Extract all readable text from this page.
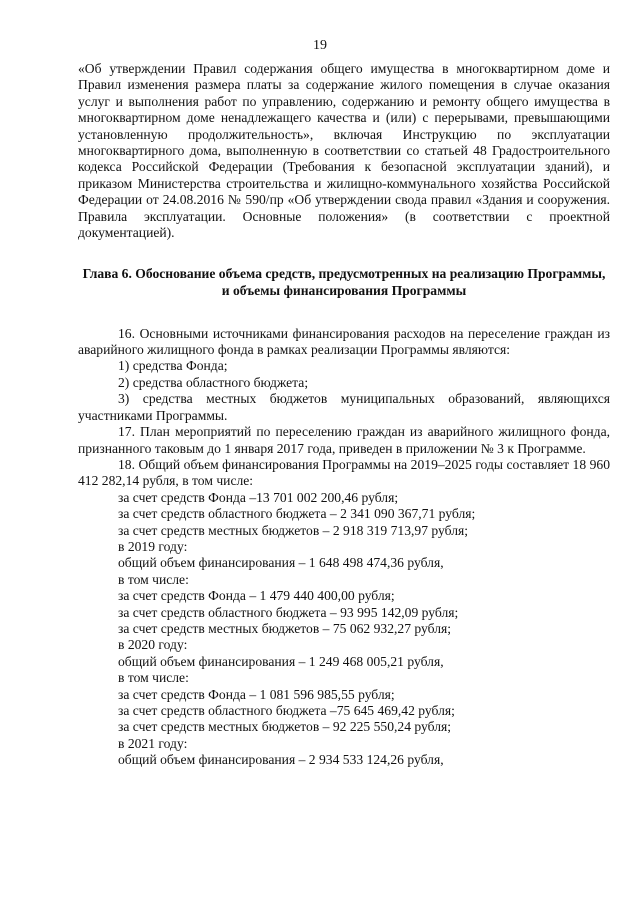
19

«Об утверждении Правил содержания общего имущества в многоквартирном доме и Правил изменения размера платы за содержание жилого помещения в случае оказания услуг и выполнения работ по управлению, содержанию и ремонту общего имущества в многоквартирном доме ненадлежащего качества и (или) с перерывами, превышающими установленную продолжительность», включая Инструкцию по эксплуатации многоквартирного дома, выполненную в соответствии со статьей 48 Градостроительного кодекса Российской Федерации (Требования к безопасной эксплуатации зданий), и приказом Министерства строительства и жилищно-коммунального хозяйства Российской Федерации от 24.08.2016 № 590/пр «Об утверждении свода правил «Здания и сооружения. Правила эксплуатации. Основные положения» (в соответствии с проектной документацией).

Глава 6. Обоснование объема средств, предусмотренных на реализацию Программы, и объемы финансирования Программы

16. Основными источниками финансирования расходов на переселение граждан из аварийного жилищного фонда в рамках реализации Программы являются:

1) средства Фонда;

2) средства областного бюджета;

3) средства местных бюджетов муниципальных образований, являющихся участниками Программы.

17. План мероприятий по переселению граждан из аварийного жилищного фонда, признанного таковым до 1 января 2017 года, приведен в приложении № 3 к Программе.

18. Общий объем финансирования Программы на 2019–2025 годы составляет 18 960 412 282,14 рубля, в том числе:

за счет средств Фонда –13 701 002 200,46 рубля;

за счет средств областного бюджета – 2 341 090 367,71 рубля;

за счет средств местных бюджетов – 2 918 319 713,97 рубля;

в 2019 году:

общий объем финансирования – 1 648 498 474,36 рубля,

в том числе:

за счет средств Фонда – 1 479 440 400,00 рубля;

за счет средств областного бюджета – 93 995 142,09 рубля;

за счет средств местных бюджетов – 75 062 932,27 рубля;

в 2020 году:

общий объем финансирования – 1 249 468 005,21 рубля,

в том числе:

за счет средств Фонда – 1 081 596 985,55 рубля;

за счет средств областного бюджета –75 645 469,42 рубля;

за счет средств местных бюджетов – 92 225 550,24 рубля;

в 2021 году:

общий объем финансирования – 2 934 533 124,26 рубля,
